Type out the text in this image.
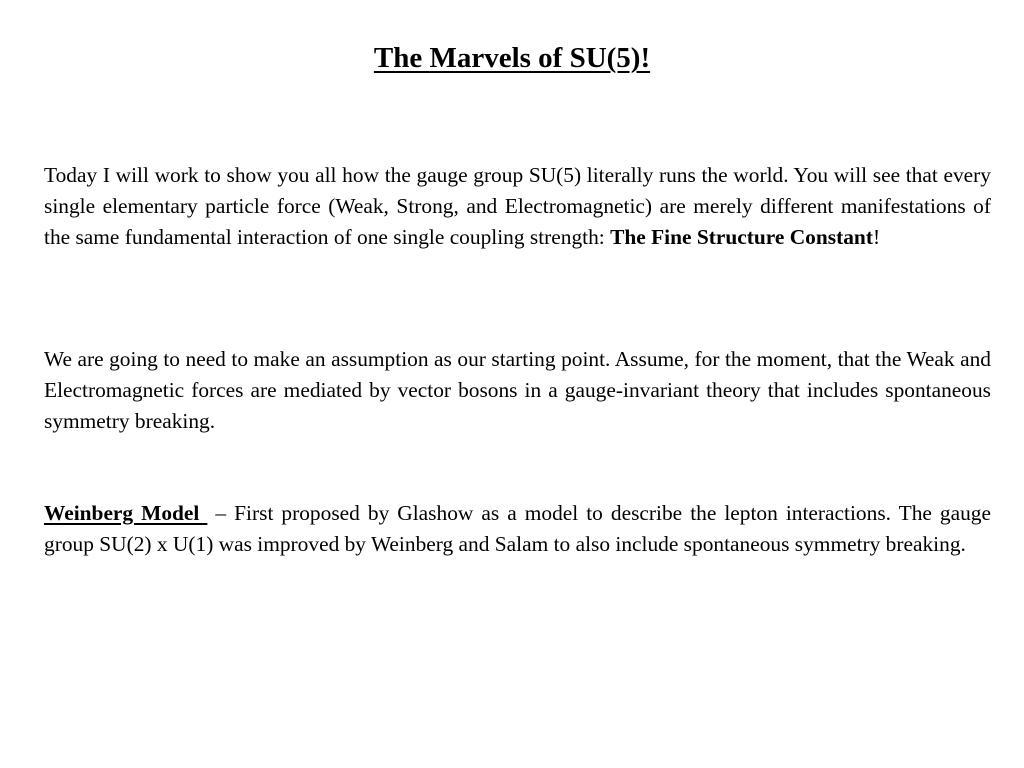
The Marvels of SU(5)!

Today I will work to show you all how the gauge group SU(5) literally runs the world. You will see that every single elementary particle force (Weak, Strong, and Electromagnetic) are merely different manifestations of the same fundamental interaction of one single coupling strength: The Fine Structure Constant!

We are going to need to make an assumption as our starting point. Assume, for the moment, that the Weak and Electromagnetic forces are mediated by vector bosons in a gauge-invariant theory that includes spontaneous symmetry breaking.

Weinberg Model  – First proposed by Glashow as a model to describe the lepton interactions. The gauge group SU(2) x U(1) was improved by Weinberg and Salam to also include spontaneous symmetry breaking.
